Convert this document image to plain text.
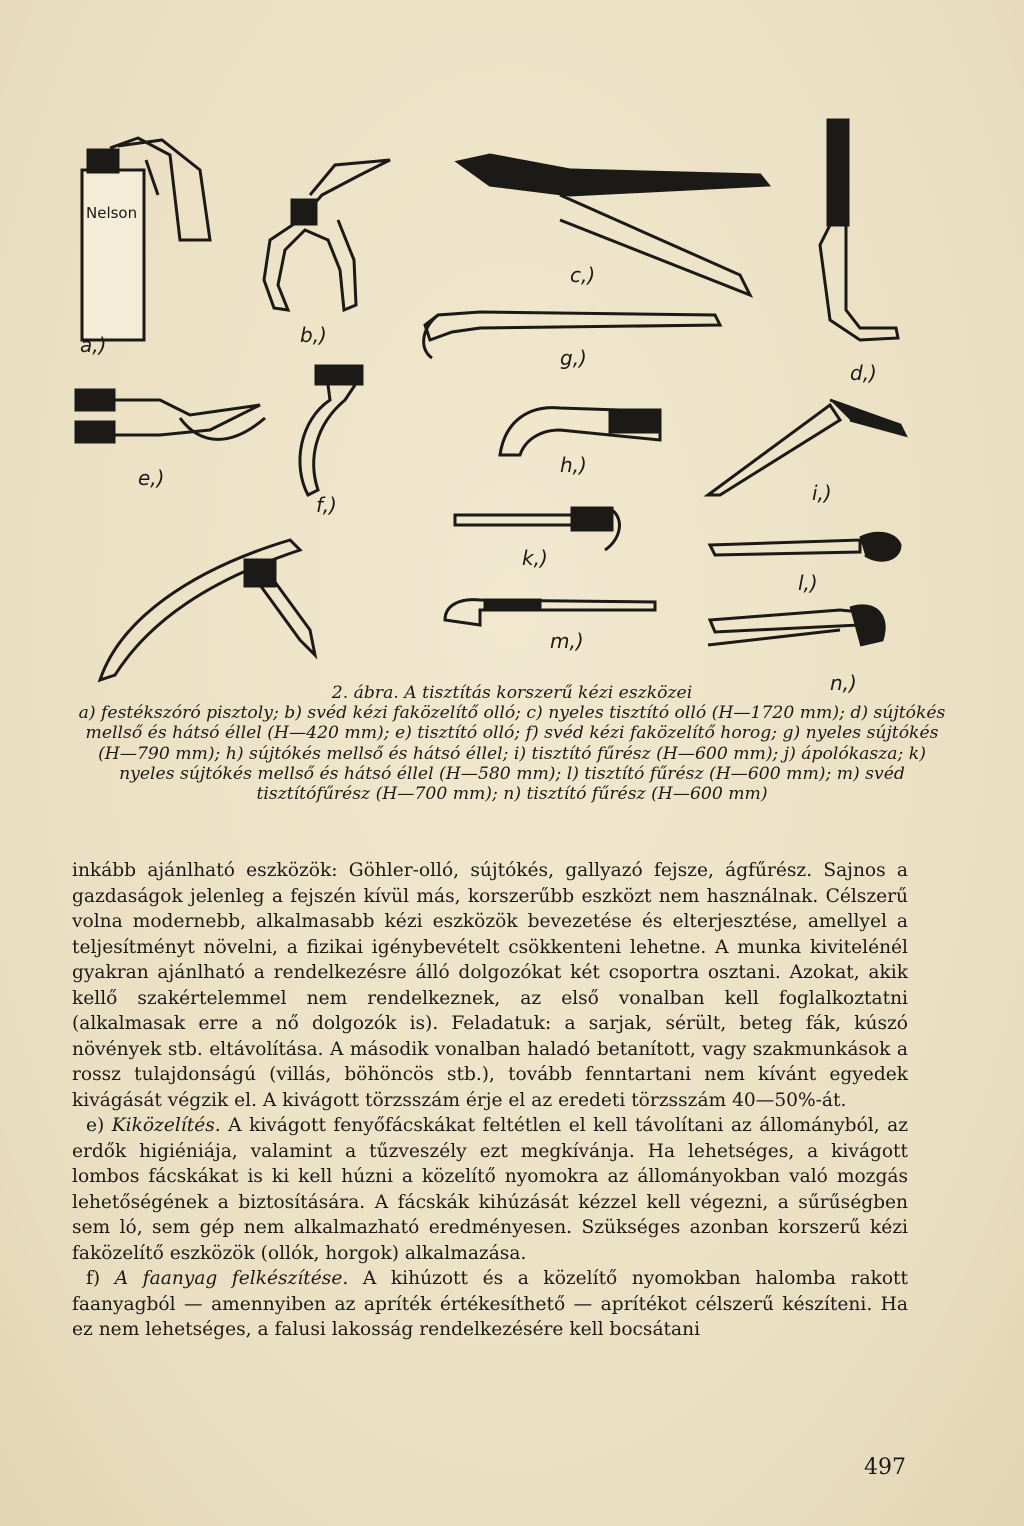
Nelson
a,)	b,)
c,)
d,)
g,)
e,)
f,)
h,)
i,)
k,)
l,)
m,)
n,)
2. ábra. A tisztítás korszerű kézi eszközei
a) festékszóró pisztoly; b) svéd kézi faközelítő olló; c) nyeles tisztító olló (H—1720 mm); d) sújtókés mellső és hátsó éllel (H—420 mm); e) tisztító olló; f) svéd kézi faközelítő horog; g) nyeles sújtókés (H—790 mm); h) sújtókés mellső és hátsó éllel; i) tisztító fűrész (H—600 mm); j) ápolókasza; k) nyeles sújtókés mellső és hátsó éllel (H—580 mm); l) tisztító fűrész (H—600 mm); m) svéd tisztítófűrész (H—700 mm); n) tisztító fűrész (H—600 mm)

inkább ajánlható eszközök: Göhler-olló, sújtókés, gallyazó fejsze, ágfűrész. Sajnos a gazdaságok jelenleg a fejszén kívül más, korszerűbb eszközt nem használnak. Célszerű volna modernebb, alkalmasabb kézi eszközök bevezetése és elterjesztése, amellyel a teljesítményt növelni, a fizikai igénybevételt csökkenteni lehetne. A munka kivitelénél gyakran ajánlható a rendelkezésre álló dolgozókat két csoportra osztani. Azokat, akik kellő szakértelemmel nem rendelkeznek, az első vonalban kell foglalkoztatni (alkalmasak erre a nő dolgozók is). Feladatuk: a sarjak, sérült, beteg fák, kúszó növények stb. eltávolítása. A második vonalban haladó betanított, vagy szakmunkások a rossz tulajdonságú (villás, böhöncös stb.), tovább fenntartani nem kívánt egyedek kivágását végzik el. A kivágott törzsszám érje el az eredeti törzsszám 40—50%-át.

e) Kiközelítés. A kivágott fenyőfácskákat feltétlen el kell távolítani az állományból, az erdők higiéniája, valamint a tűzveszély ezt megkívánja. Ha lehetséges, a kivágott lombos fácskákat is ki kell húzni a közelítő nyomokra az állományokban való mozgás lehetőségének a biztosítására. A fácskák kihúzását kézzel kell végezni, a sűrűségben sem ló, sem gép nem alkalmazható eredményesen. Szükséges azonban korszerű kézi faközelítő eszközök (ollók, horgok) alkalmazása.

f) A faanyag felkészítése. A kihúzott és a közelítő nyomokban halomba rakott faanyagból — amennyiben az apríték értékesíthető — aprítékot célszerű készíteni. Ha ez nem lehetséges, a falusi lakosság rendelkezésére kell bocsátani

497
